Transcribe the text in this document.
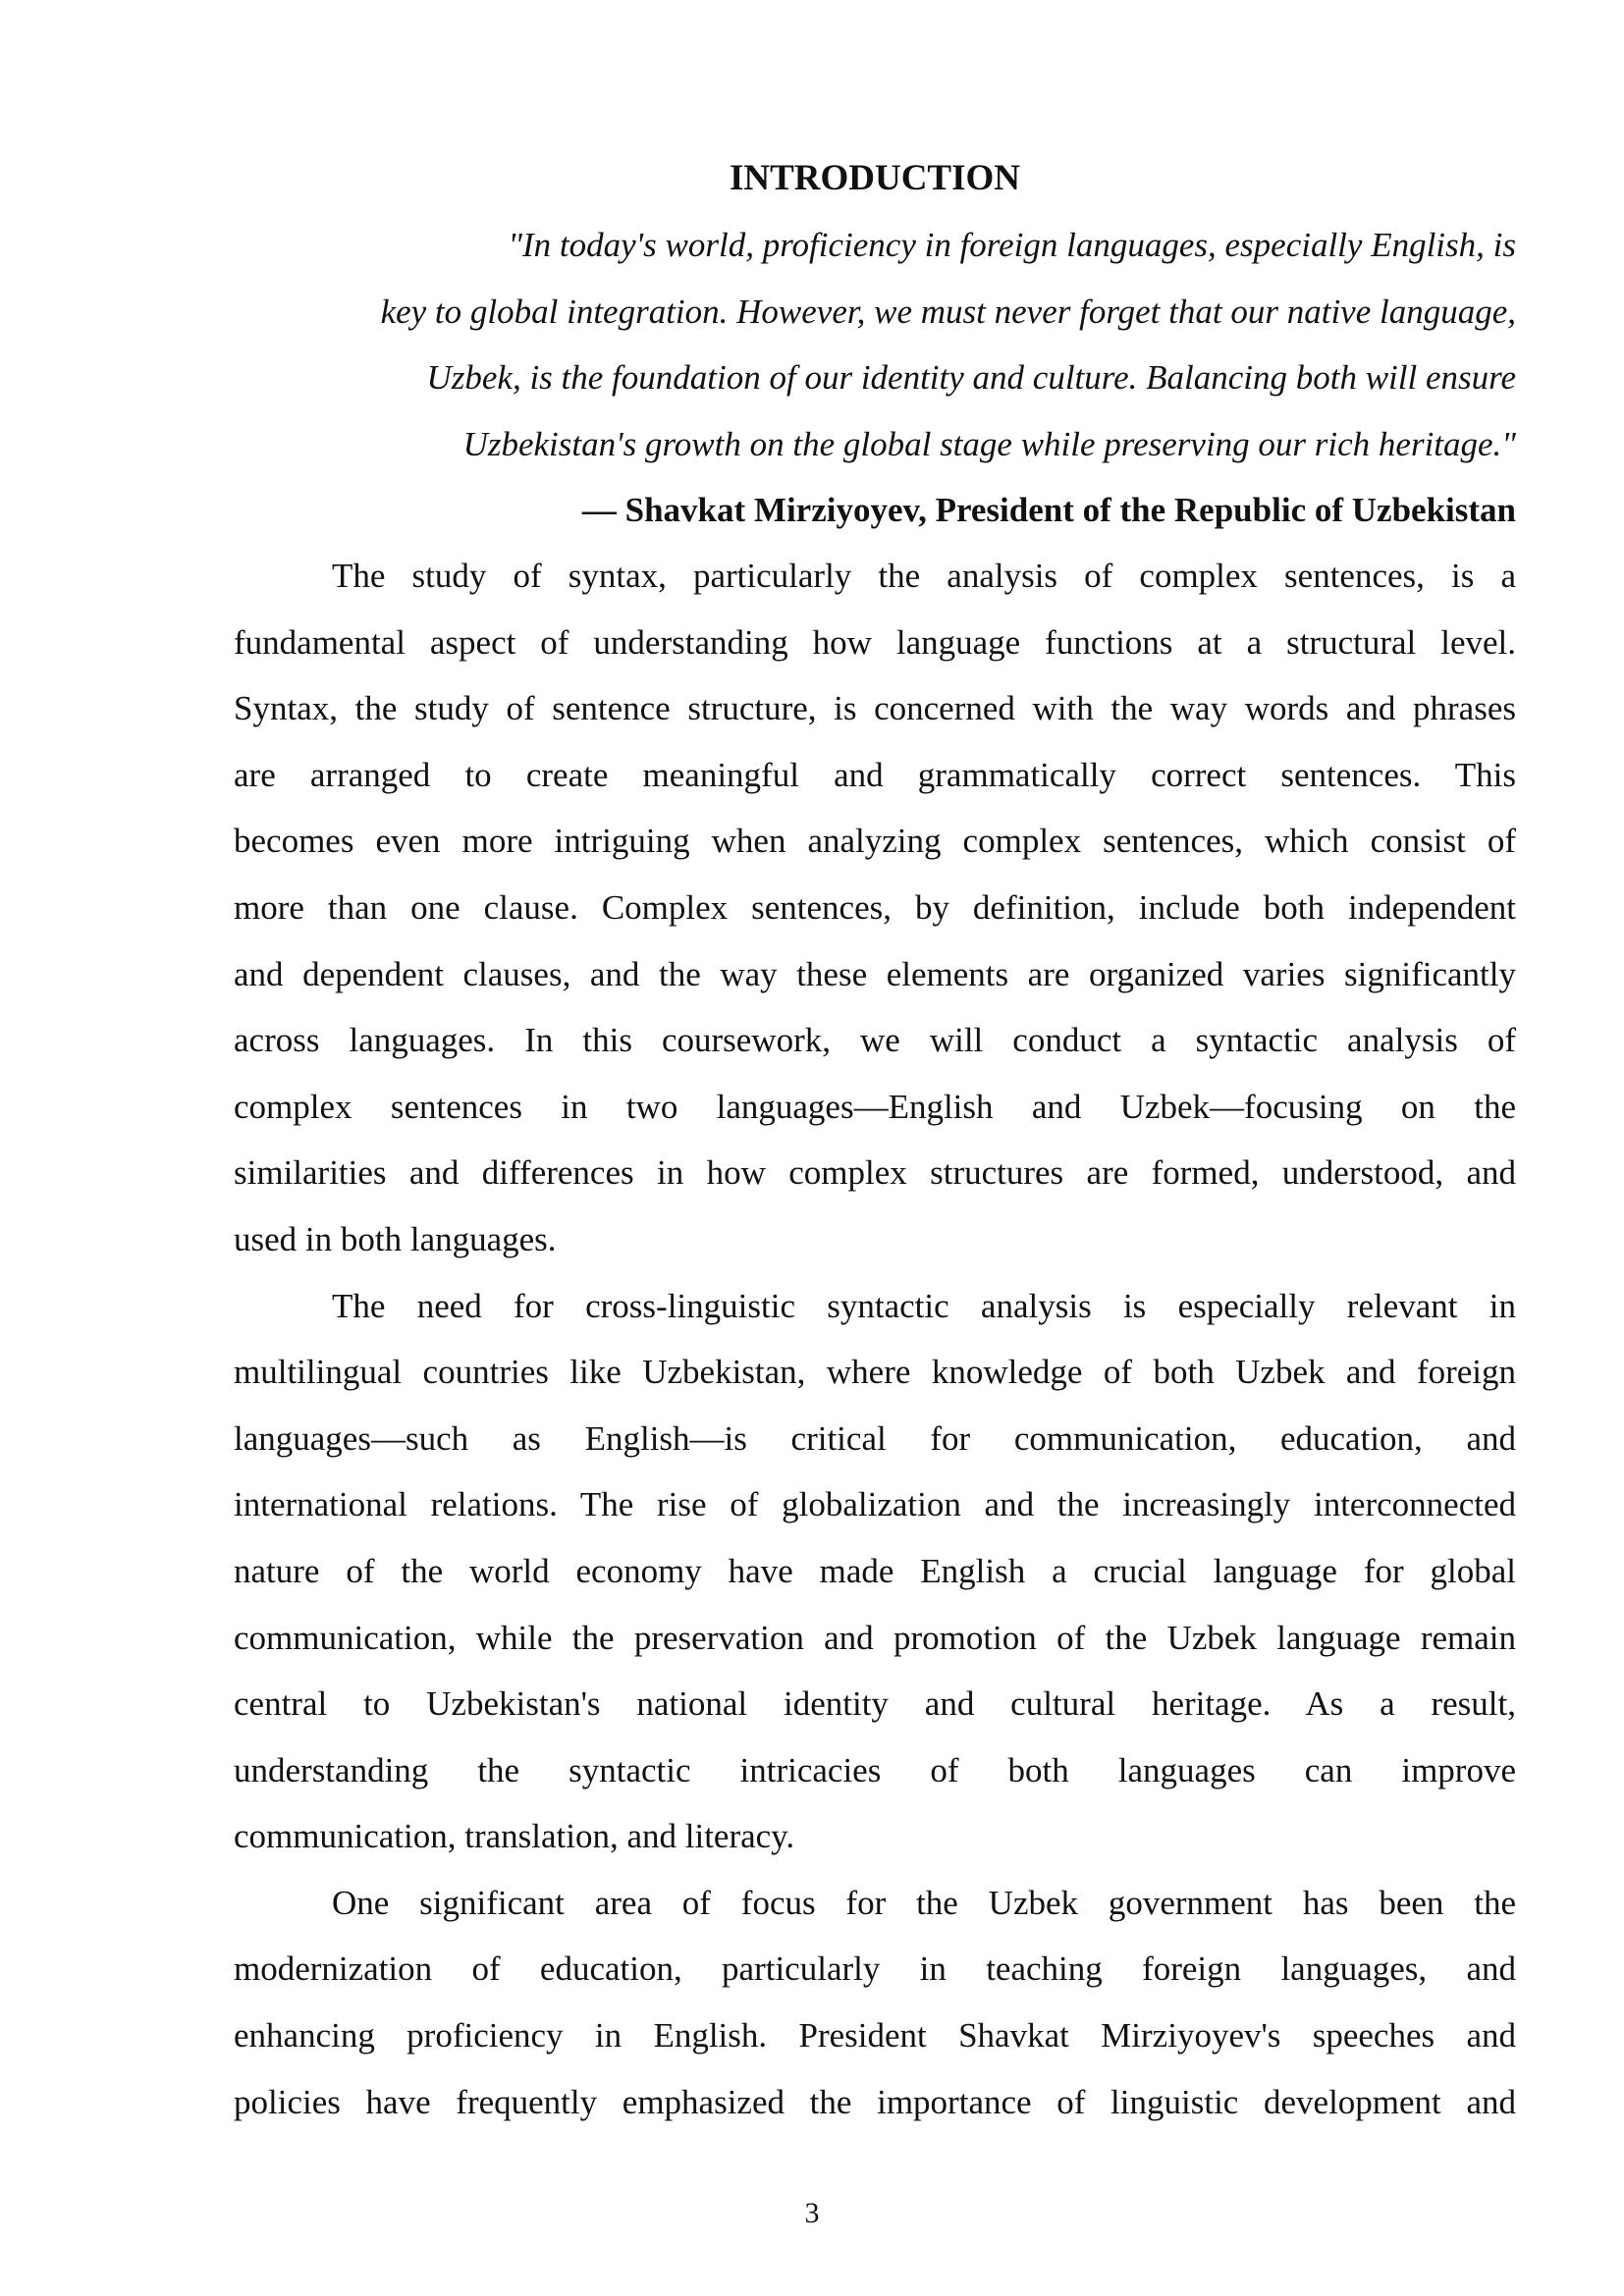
INTRODUCTION
"In today's world, proficiency in foreign languages, especially English, is
key to global integration. However, we must never forget that our native language,
Uzbek, is the foundation of our identity and culture. Balancing both will ensure
Uzbekistan's growth on the global stage while preserving our rich heritage."
— Shavkat Mirziyoyev, President of the Republic of Uzbekistan

The study of syntax, particularly the analysis of complex sentences, is a
fundamental aspect of understanding how language functions at a structural level.
Syntax, the study of sentence structure, is concerned with the way words and phrases
are arranged to create meaningful and grammatically correct sentences. This
becomes even more intriguing when analyzing complex sentences, which consist of
more than one clause. Complex sentences, by definition, include both independent
and dependent clauses, and the way these elements are organized varies significantly
across languages. In this coursework, we will conduct a syntactic analysis of
complex sentences in two languages—English and Uzbek—focusing on the
similarities and differences in how complex structures are formed, understood, and
used in both languages.

The need for cross-linguistic syntactic analysis is especially relevant in
multilingual countries like Uzbekistan, where knowledge of both Uzbek and foreign
languages—such as English—is critical for communication, education, and
international relations. The rise of globalization and the increasingly interconnected
nature of the world economy have made English a crucial language for global
communication, while the preservation and promotion of the Uzbek language remain
central to Uzbekistan's national identity and cultural heritage. As a result,
understanding the syntactic intricacies of both languages can improve
communication, translation, and literacy.

One significant area of focus for the Uzbek government has been the
modernization of education, particularly in teaching foreign languages, and
enhancing proficiency in English. President Shavkat Mirziyoyev's speeches and
policies have frequently emphasized the importance of linguistic development and

3
